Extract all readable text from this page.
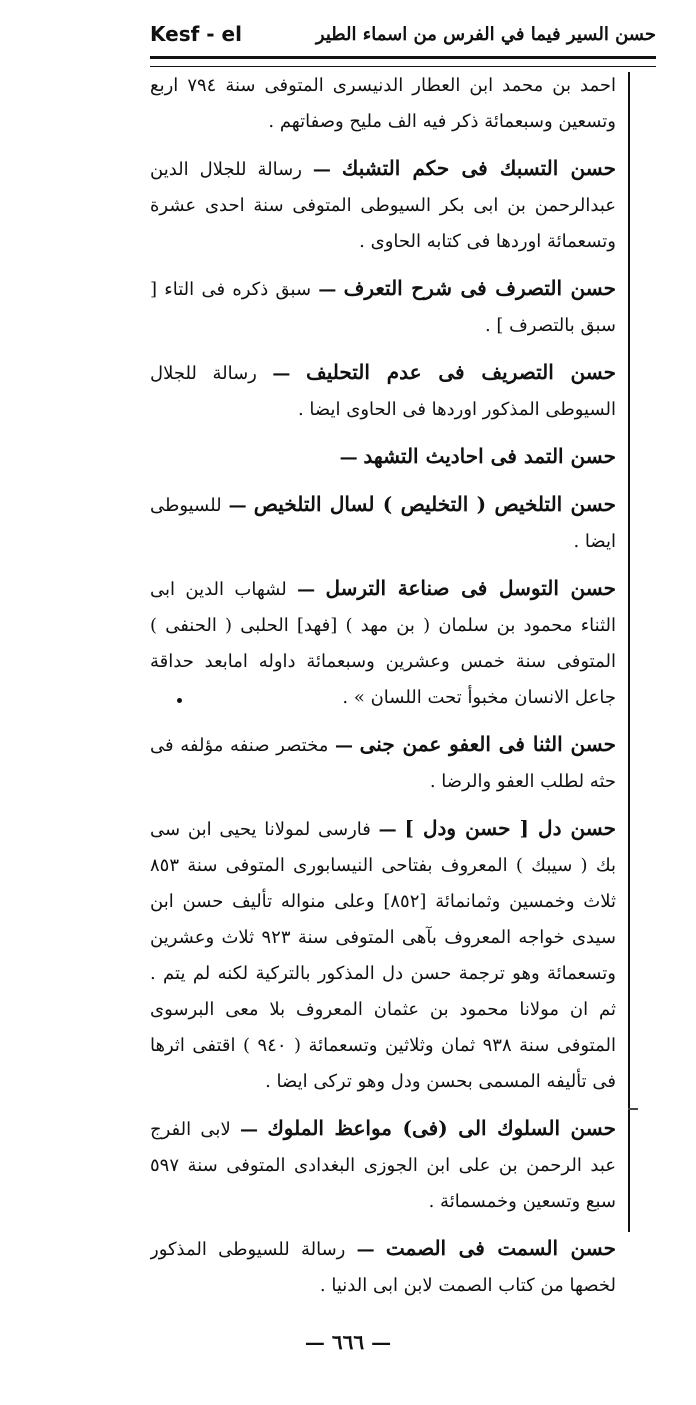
Kesf - el	حسن السير فيما في الفرس من اسماء الطير

احمد بن محمد ابن العطار الدنيسرى المتوفى سنة ٧٩٤ اربع وتسعين وسبعمائة ذكر فيه الف مليح وصفاتهم .

حسن التسبك فى حكم التشبك — رسالة للجلال الدين عبدالرحمن بن ابى بكر السيوطى المتوفى سنة احدى عشرة وتسعمائة اوردها فى كتابه الحاوى .

حسن التصرف فى شرح التعرف — سبق ذكره فى التاء [ سبق بالتصرف ] .

حسن التصريف فى عدم التحليف — رسالة للجلال السيوطى المذكور اوردها فى الحاوى ايضا .

حسن التمد فى احاديث التشهد —

حسن التلخيص ( التخليص ) لسال التلخيص — للسيوطى ايضا .

حسن التوسل فى صناعة الترسل — لشهاب الدين ابى الثناء محمود بن سلمان ( بن مهد ) [فهد] الحلبى ( الحنفى ) المتوفى سنة خمس وعشرين وسبعمائة داوله امابعد حداقة جاعل الانسان مخبوأ تحت اللسان » .

حسن الثنا فى العفو عمن جنى — مختصر صنفه مؤلفه فى حثه لطلب العفو والرضا .

حسن دل [ حسن ودل ] — فارسى لمولانا يحيى ابن سى بك ( سيبك ) المعروف بفتاحى النيسابورى المتوفى سنة ٨٥٣ ثلاث وخمسين وثمانمائة [٨٥٢] وعلى منواله تأليف حسن ابن سيدى خواجه المعروف بآهى المتوفى سنة ٩٢٣ ثلاث وعشرين وتسعمائة وهو ترجمة حسن دل المذكور بالتركية لكنه لم يتم . ثم ان مولانا محمود بن عثمان المعروف بلا معى البرسوى المتوفى سنة ٩٣٨ ثمان وثلاثين وتسعمائة ( ٩٤٠ ) اقتفى اثرها فى تأليفه المسمى بحسن ودل وهو تركى ايضا .

حسن السلوك الى (فى) مواعظ الملوك — لابى الفرج عبد الرحمن بن على ابن الجوزى البغدادى المتوفى سنة ٥٩٧ سبع وتسعين وخمسمائة .

حسن السمت فى الصمت — رسالة للسيوطى المذكور لخصها من كتاب الصمت لابن ابى الدنيا .

— ٦٦٦ —
